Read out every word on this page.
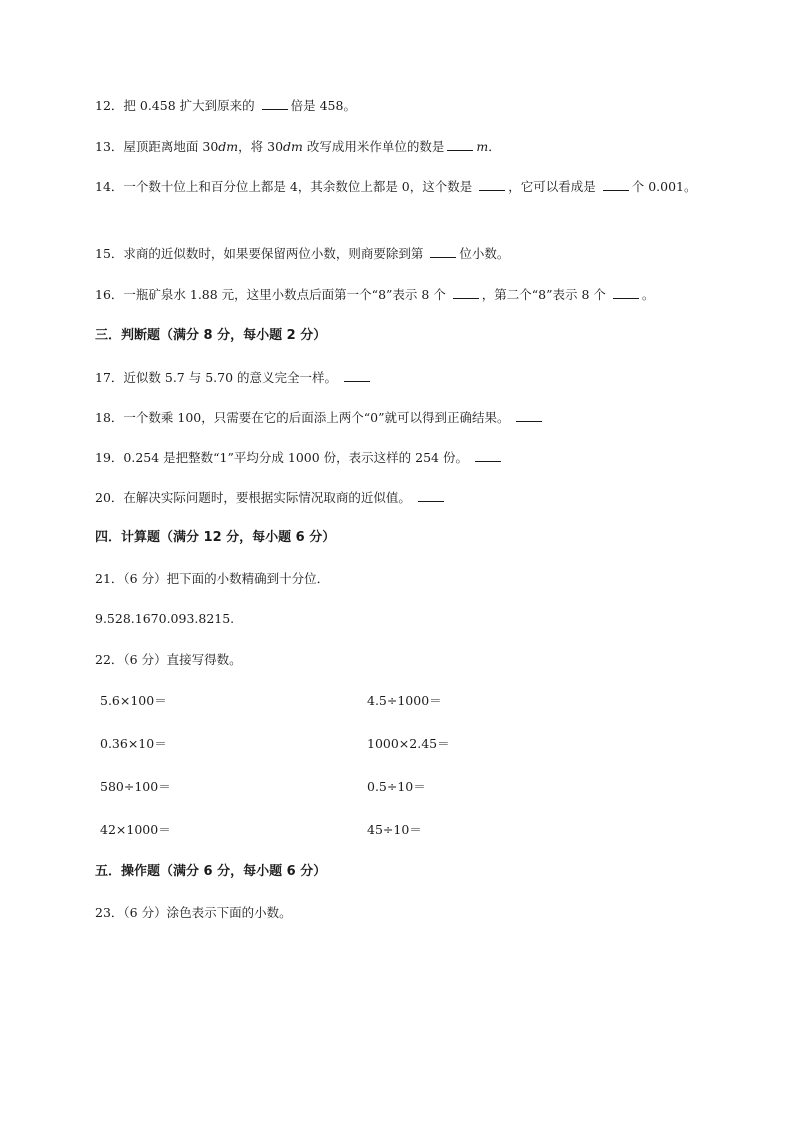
12．把 0.458 扩大到原来的	倍是 458。
13．屋顶距离地面 30dm，将 30dm 改写成用米作单位的数是	m．
14．一个数十位上和百分位上都是 4，其余数位上都是 0，这个数是	，它可以看成是	个 0.001。
15．求商的近似数时，如果要保留两位小数，则商要除到第	位小数。
16．一瓶矿泉水 1.88 元，这里小数点后面第一个“8”表示 8 个	，第二个“8”表示 8 个	。
三．判断题（满分 8 分，每小题 2 分）
17．近似数 5.7 与 5.70 的意义完全一样。
18．一个数乘 100，只需要在它的后面添上两个“0”就可以得到正确结果。
19．0.254 是把整数“1”平均分成 1000 份，表示这样的 254 份。
20．在解决实际问题时，要根据实际情况取商的近似值。
四．计算题（满分 12 分，每小题 6 分）
21．（6 分）把下面的小数精确到十分位．
9.528.1670.093.8215.
22．（6 分）直接写得数。
5.6×100＝	4.5÷1000＝
0.36×10＝	1000×2.45＝
580÷100＝	0.5÷10＝
42×1000＝	45÷10＝
五．操作题（满分 6 分，每小题 6 分）
23．（6 分）涂色表示下面的小数。
